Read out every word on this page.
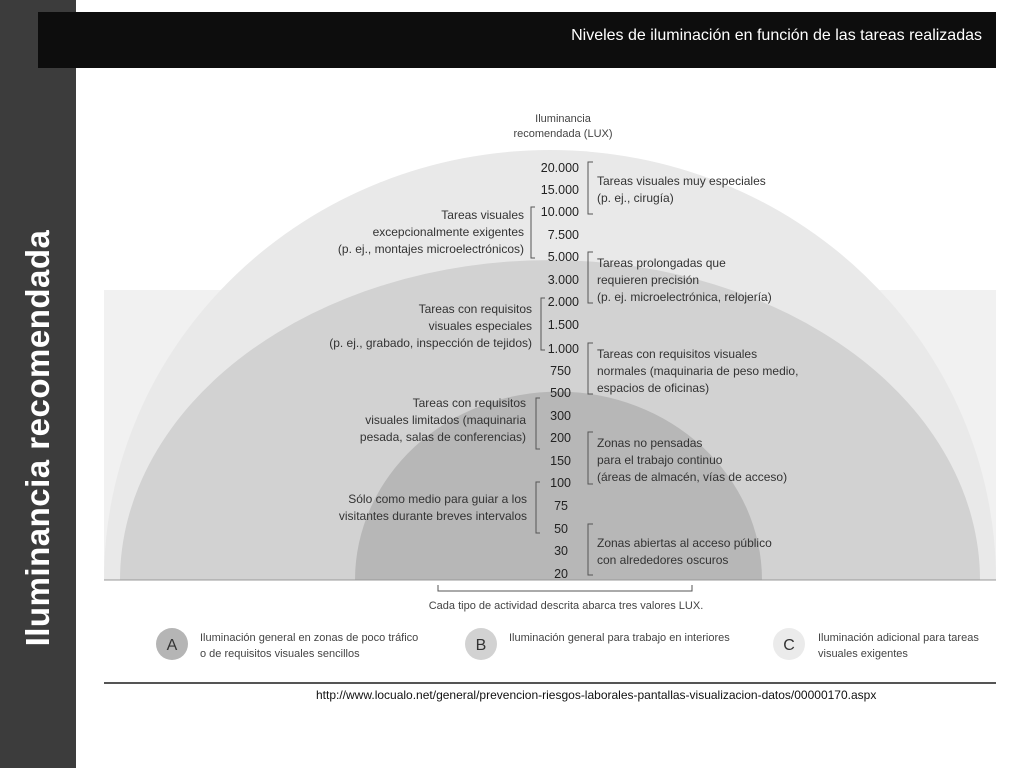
Iluminancia recomendada
Niveles de iluminación en función de las tareas realizadas
Iluminancia
recomendada (LUX)
20.000
15.000
10.000
7.500
5.000
3.000
2.000
1.500
1.000
750
500
300
200
150
100
75
50
30
20
Tareas visuales muy especiales
(p. ej., cirugía)
Tareas prolongadas que
requieren precisión
(p. ej. microelectrónica, relojería)
Tareas con requisitos visuales
normales (maquinaria de peso medio,
espacios de oficinas)
Zonas no pensadas
para el trabajo continuo
(áreas de almacén, vías de acceso)
Zonas abiertas al acceso público
con alrededores oscuros
Tareas visuales
excepcionalmente exigentes
(p. ej., montajes microelectrónicos)
Tareas con requisitos
visuales especiales
(p. ej., grabado, inspección de tejidos)
Tareas con requisitos
visuales limitados (maquinaria
pesada, salas de conferencias)
Sólo como medio para guiar a los
visitantes durante breves intervalos
Cada tipo de actividad descrita abarca tres valores LUX.
A Iluminación general en zonas de poco tráfico
o de requisitos visuales sencillos	B Iluminación general para trabajo en interiores	C Iluminación adicional para tareas
visuales exigentes
http://www.locualo.net/general/prevencion-riesgos-laborales-pantallas-visualizacion-datos/00000170.aspx
